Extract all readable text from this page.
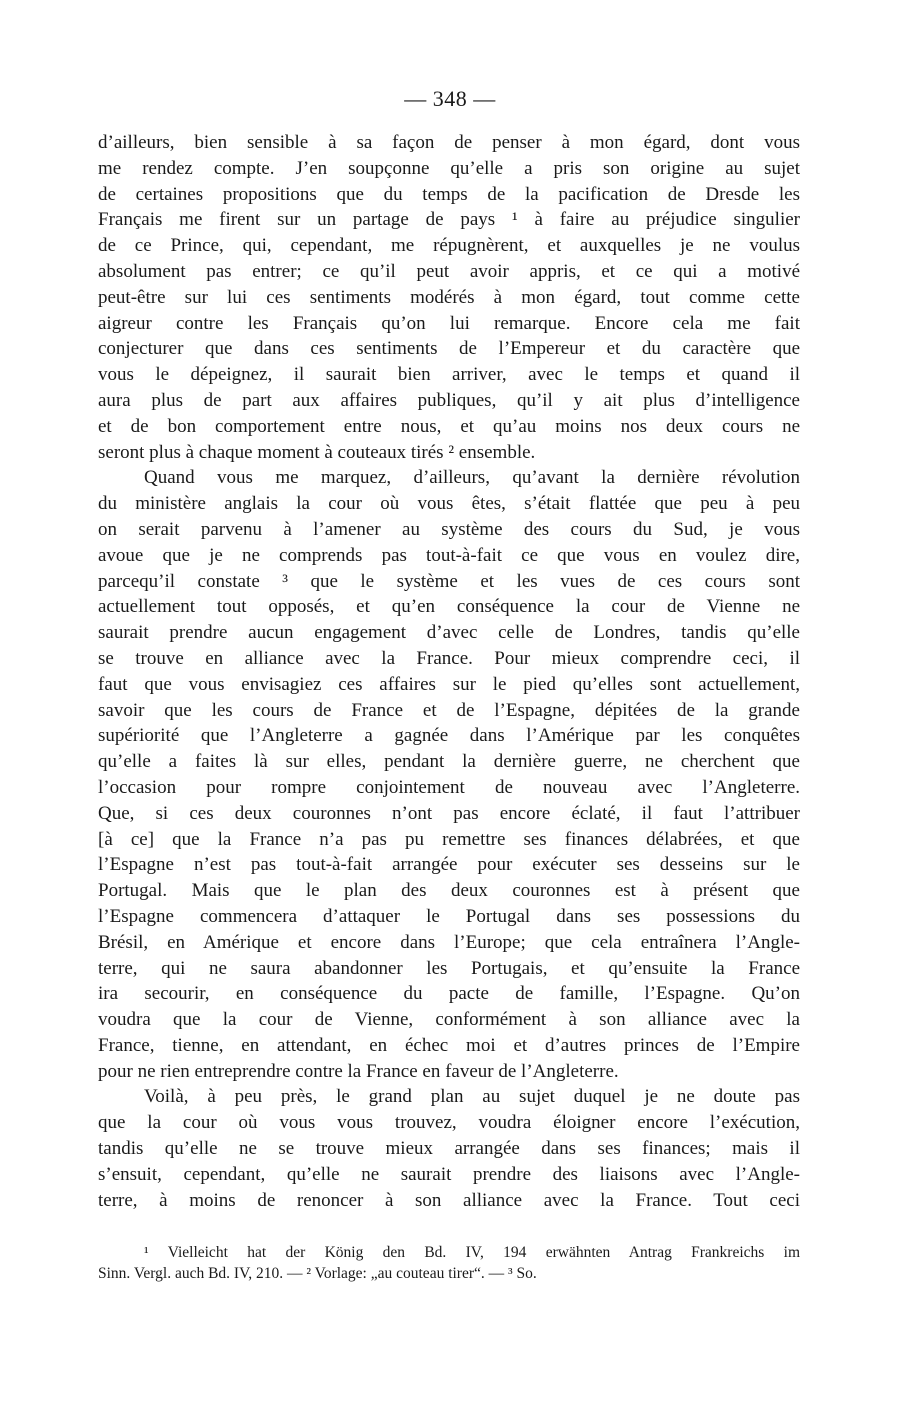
— 348 —
d’ailleurs, bien sensible à sa façon de penser à mon égard, dont vous
me rendez compte. J’en soupçonne qu’elle a pris son origine au sujet
de certaines propositions que du temps de la pacification de Dresde les
Français me firent sur un partage de pays ¹ à faire au préjudice singulier
de ce Prince, qui, cependant, me répugnèrent, et auxquelles je ne voulus
absolument pas entrer; ce qu’il peut avoir appris, et ce qui a motivé
peut-être sur lui ces sentiments modérés à mon égard, tout comme cette
aigreur contre les Français qu’on lui remarque. Encore cela me fait
conjecturer que dans ces sentiments de l’Empereur et du caractère que
vous le dépeignez, il saurait bien arriver, avec le temps et quand il
aura plus de part aux affaires publiques, qu’il y ait plus d’intelligence
et de bon comportement entre nous, et qu’au moins nos deux cours ne
seront plus à chaque moment à couteaux tirés ² ensemble.
Quand vous me marquez, d’ailleurs, qu’avant la dernière révolution
du ministère anglais la cour où vous êtes, s’était flattée que peu à peu
on serait parvenu à l’amener au système des cours du Sud, je vous
avoue que je ne comprends pas tout-à-fait ce que vous en voulez dire,
parcequ’il constate ³ que le système et les vues de ces cours sont
actuellement tout opposés, et qu’en conséquence la cour de Vienne ne
saurait prendre aucun engagement d’avec celle de Londres, tandis qu’elle
se trouve en alliance avec la France. Pour mieux comprendre ceci, il
faut que vous envisagiez ces affaires sur le pied qu’elles sont actuellement,
savoir que les cours de France et de l’Espagne, dépitées de la grande
supériorité que l’Angleterre a gagnée dans l’Amérique par les conquêtes
qu’elle a faites là sur elles, pendant la dernière guerre, ne cherchent que
l’occasion pour rompre conjointement de nouveau avec l’Angleterre.
Que, si ces deux couronnes n’ont pas encore éclaté, il faut l’attribuer
[à ce] que la France n’a pas pu remettre ses finances délabrées, et que
l’Espagne n’est pas tout-à-fait arrangée pour exécuter ses desseins sur le
Portugal. Mais que le plan des deux couronnes est à présent que
l’Espagne commencera d’attaquer le Portugal dans ses possessions du
Brésil, en Amérique et encore dans l’Europe; que cela entraînera l’Angle-
terre, qui ne saura abandonner les Portugais, et qu’ensuite la France
ira secourir, en conséquence du pacte de famille, l’Espagne. Qu’on
voudra que la cour de Vienne, conformément à son alliance avec la
France, tienne, en attendant, en échec moi et d’autres princes de l’Empire
pour ne rien entreprendre contre la France en faveur de l’Angleterre.
Voilà, à peu près, le grand plan au sujet duquel je ne doute pas
que la cour où vous vous trouvez, voudra éloigner encore l’exécution,
tandis qu’elle ne se trouve mieux arrangée dans ses finances; mais il
s’ensuit, cependant, qu’elle ne saurait prendre des liaisons avec l’Angle-
terre, à moins de renoncer à son alliance avec la France. Tout ceci
¹ Vielleicht hat der König den Bd. IV, 194 erwähnten Antrag Frankreichs im
Sinn. Vergl. auch Bd. IV, 210. — ² Vorlage: „au couteau tirer“. — ³ So.
